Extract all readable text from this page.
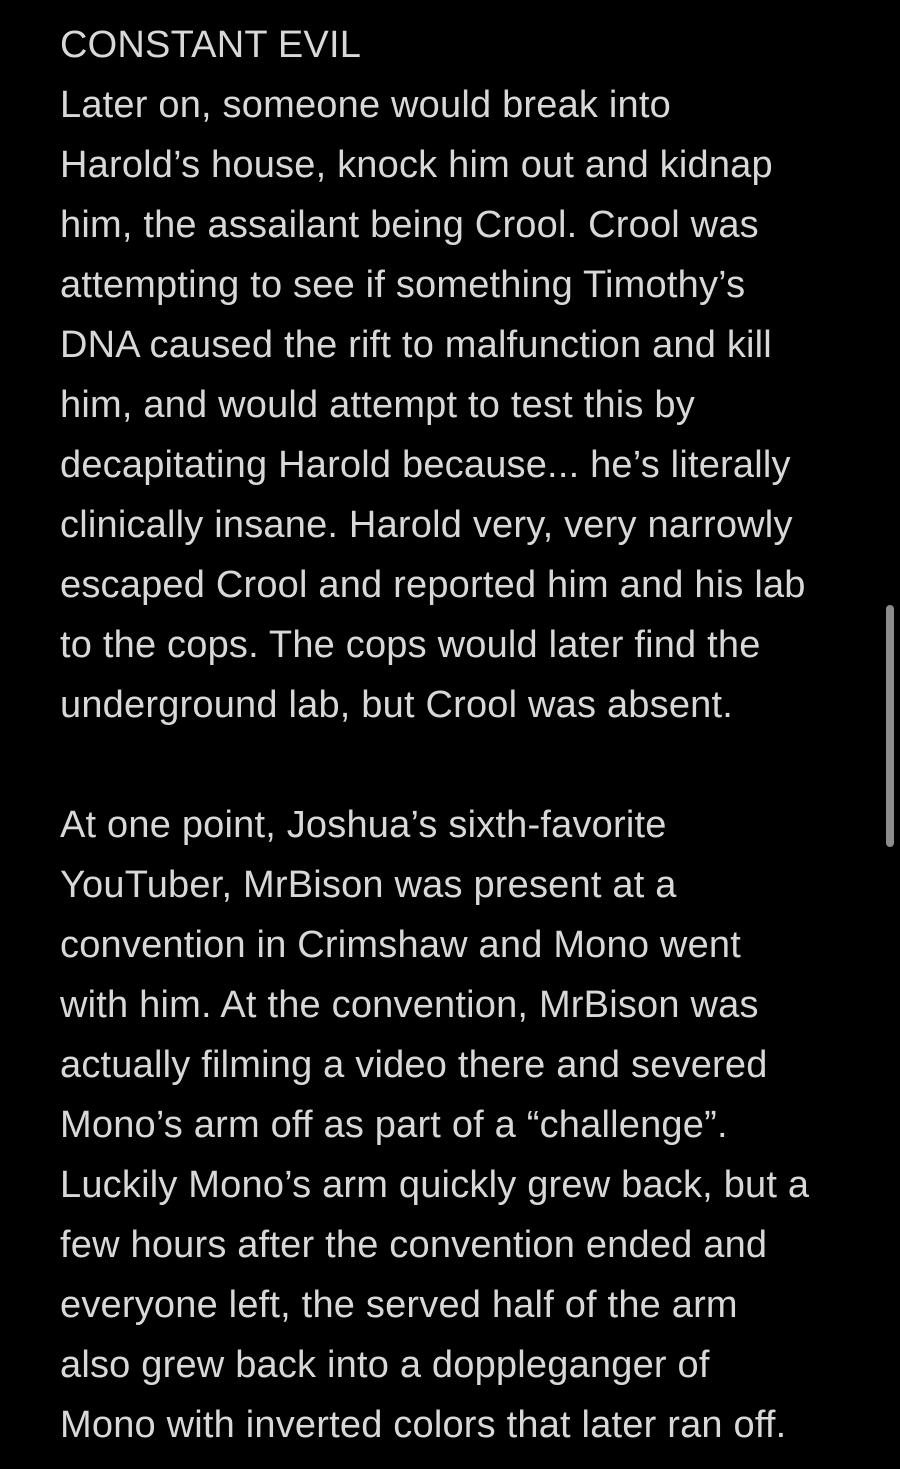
CONSTANT EVIL
Later on, someone would break into
Harold’s house, knock him out and kidnap
him, the assailant being Crool. Crool was
attempting to see if something Timothy’s
DNA caused the rift to malfunction and kill
him, and would attempt to test this by
decapitating Harold because... he’s literally
clinically insane. Harold very, very narrowly
escaped Crool and reported him and his lab
to the cops. The cops would later find the
underground lab, but Crool was absent.
At one point, Joshua’s sixth-favorite
YouTuber, MrBison was present at a
convention in Crimshaw and Mono went
with him. At the convention, MrBison was
actually filming a video there and severed
Mono’s arm off as part of a “challenge”.
Luckily Mono’s arm quickly grew back, but a
few hours after the convention ended and
everyone left, the served half of the arm
also grew back into a doppleganger of
Mono with inverted colors that later ran off.
